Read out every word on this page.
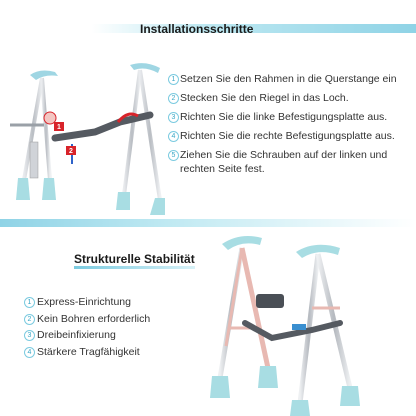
Installationsschritte
1
2
1 Setzen Sie den Rahmen in die Querstange ein
2 Stecken Sie den Riegel in das Loch.
3 Richten Sie die linke Befestigungsplatte aus.
4 Richten Sie die rechte Befestigungsplatte aus.
5 Ziehen Sie die Schrauben auf der linken und rechten Seite fest.
Strukturelle Stabilität
1 Express-Einrichtung
2 Kein Bohren erforderlich
3 Dreibeinfixierung
4 Stärkere Tragfähigkeit
